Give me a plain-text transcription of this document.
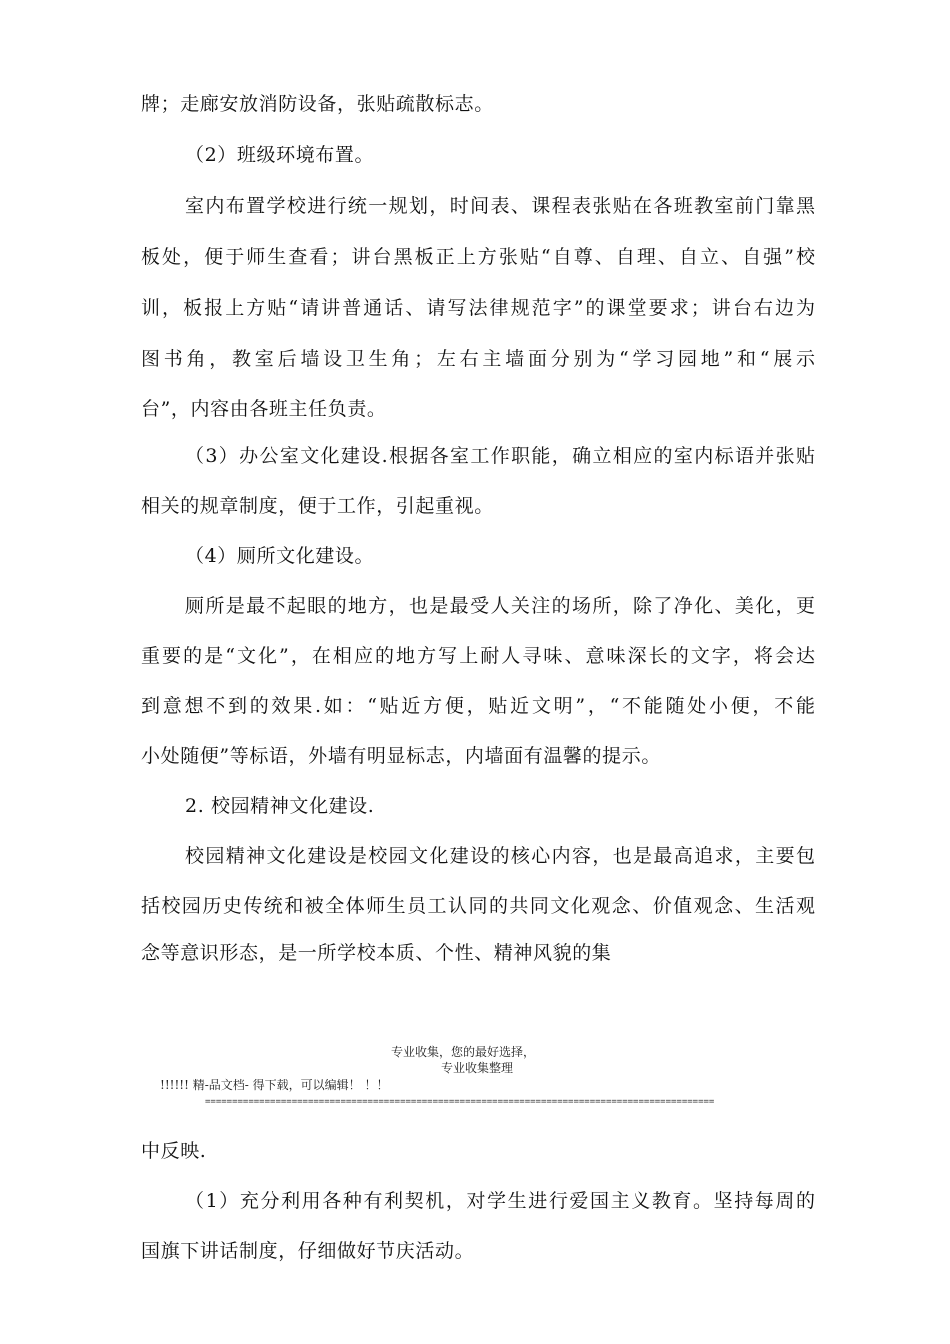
牌；走廊安放消防设备，张贴疏散标志。
（2）班级环境布置。
室内布置学校进行统一规划，时间表、课程表张贴在各班教室前门靠黑
板处，便于师生查看；讲台黑板正上方张贴“自尊、自理、自立、自强”校
训，板报上方贴“请讲普通话、请写法律规范字”的课堂要求；讲台右边为
图书角，教室后墙设卫生角；左右主墙面分别为“学习园地”和“展示
台”，内容由各班主任负责。
（3）办公室文化建设.根据各室工作职能，确立相应的室内标语并张贴
相关的规章制度，便于工作，引起重视。
（4）厕所文化建设。
厕所是最不起眼的地方，也是最受人关注的场所，除了净化、美化，更
重要的是“文化”，在相应的地方写上耐人寻味、意味深长的文字，将会达
到意想不到的效果.如：“贴近方便，贴近文明”，“不能随处小便，不能
小处随便”等标语，外墙有明显标志，内墙面有温馨的提示。
2. 校园精神文化建设.
校园精神文化建设是校园文化建设的核心内容，也是最高追求，主要包
括校园历史传统和被全体师生员工认同的共同文化观念、价值观念、生活观
念等意识形态，是一所学校本质、个性、精神风貌的集
专业收集，您的最好选择，
专业收集整理
!!!!!! 精-品文档- 得下载，可以编辑！ ！！
==============================================================================================
中反映.
（1）充分利用各种有利契机，对学生进行爱国主义教育。坚持每周的
国旗下讲话制度，仔细做好节庆活动。
